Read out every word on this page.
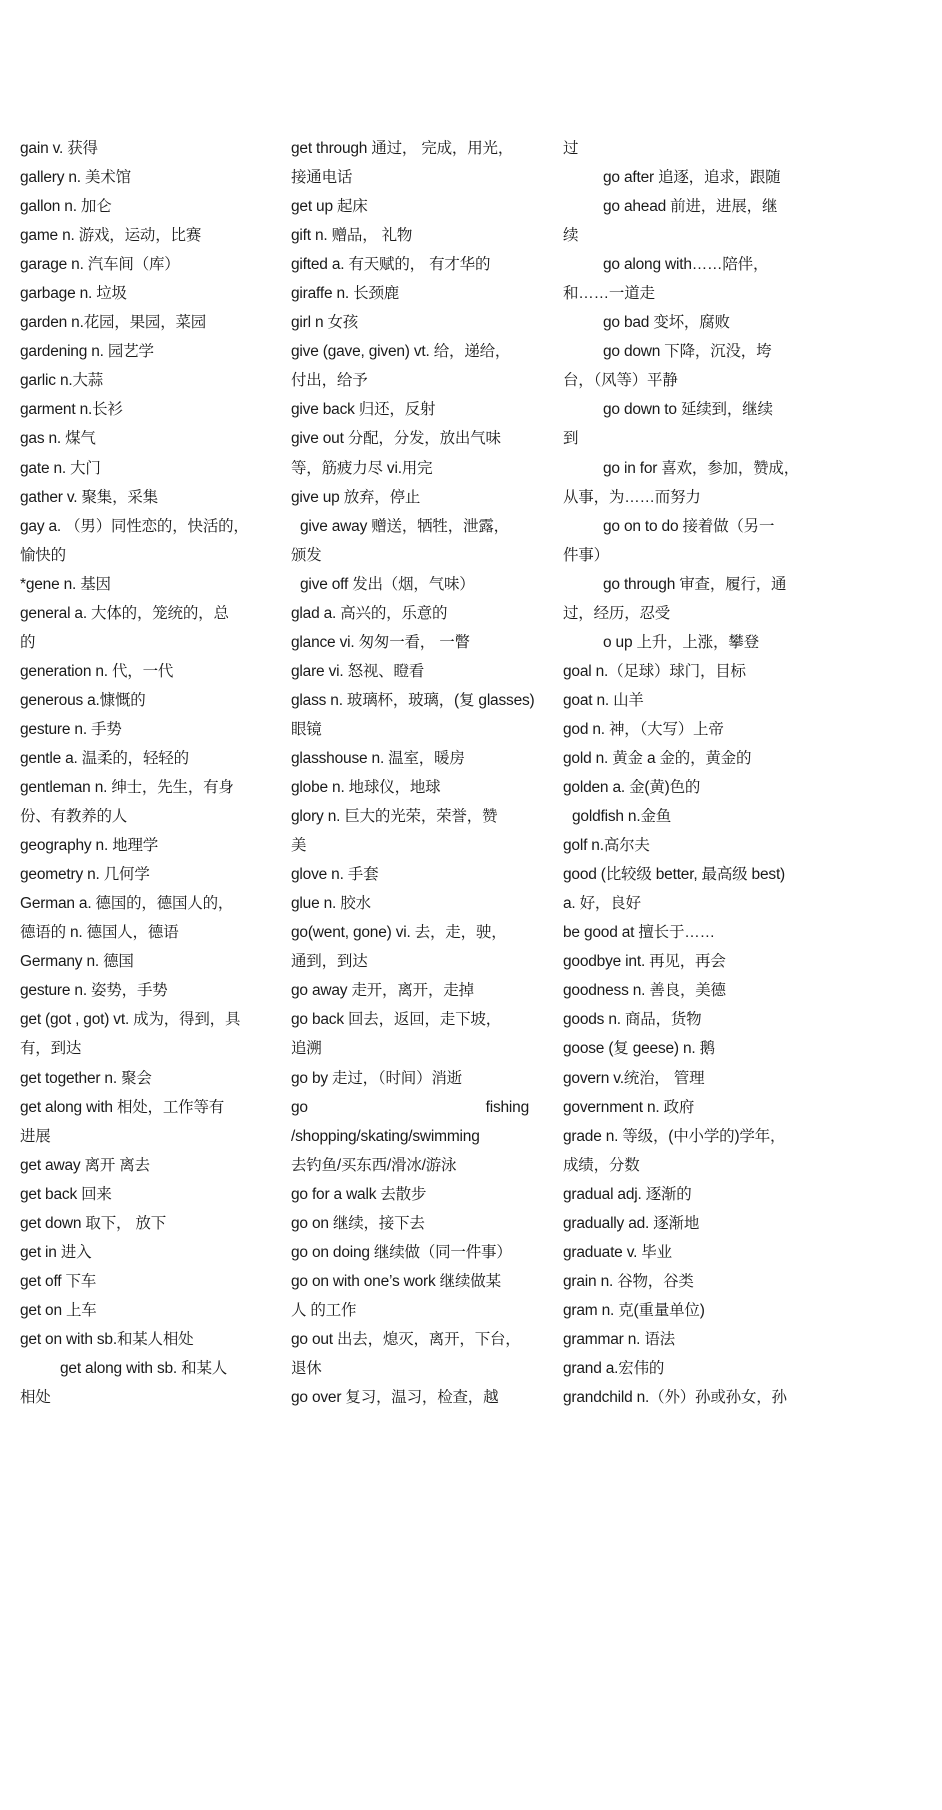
gain v. 获得
gallery n. 美术馆
gallon n. 加仑
game n. 游戏，运动，比赛
garage n. 汽车间（库）
garbage n. 垃圾
garden n.花园，果园，菜园
gardening n. 园艺学
garlic n.大蒜
garment n.长衫
gas n. 煤气
gate n. 大门
gather v. 聚集，采集
gay a. （男）同性恋的，快活的，
愉快的
*gene n. 基因
general a. 大体的，笼统的，总
的
generation n. 代，一代
generous a.慷慨的
gesture n. 手势
gentle a. 温柔的，轻轻的
gentleman n. 绅士，先生，有身
份、有教养的人
geography n. 地理学
geometry n. 几何学
German a. 德国的，德国人的，
德语的 n. 德国人，德语
Germany n. 德国
gesture n. 姿势，手势
get (got , got) vt. 成为，得到，具
有，到达
get together n. 聚会
get along with 相处，工作等有
进展
get away 离开 离去
get back 回来
get down 取下， 放下
get in 进入
get off 下车
get on 上车
get on with sb.和某人相处
get along with sb. 和某人
相处
get through 通过， 完成，用光，
接通电话
get up 起床
gift n. 赠品， 礼物
gifted a. 有天赋的， 有才华的
giraffe n. 长颈鹿
girl n 女孩
give (gave, given) vt. 给，递给，
付出，给予
give back 归还，反射
give out 分配，分发，放出气味
等，筋疲力尽 vi.用完
give up 放弃，停止
give away 赠送，牺牲，泄露，
颁发
give off 发出（烟，气味）
glad a. 高兴的，乐意的
glance vi. 匆匆一看， 一瞥
glare vi. 怒视、瞪看
glass n. 玻璃杯，玻璃，(复 glasses)
眼镜
glasshouse n. 温室，暖房
globe n. 地球仪，地球
glory n. 巨大的光荣，荣誉，赞
美
glove n. 手套
glue n. 胶水
go(went, gone) vi. 去，走，驶，
通到，到达
go away 走开，离开，走掉
go back 回去，返回，走下坡，
追溯
go by 走过，（时间）消逝
go	fishing
/shopping/skating/swimming
去钓鱼/买东西/滑冰/游泳
go for a walk 去散步
go on 继续，接下去
go on doing 继续做（同一件事）
go on with one’s work 继续做某
人 的工作
go out 出去，熄灭，离开，下台，
退休
go over 复习，温习，检查，越
过
go after 追逐，追求，跟随
go ahead 前进，进展，继
续
go along with……陪伴，
和……一道走
go bad 变坏，腐败
go down 下降，沉没，垮
台，（风等）平静
go down to 延续到，继续
到
go in for 喜欢，参加，赞成，
从事，为……而努力
go on to do 接着做（另一
件事）
go through 审查，履行，通
过，经历，忍受
o up 上升，上涨，攀登
goal n.（足球）球门，目标
goat n. 山羊
god n. 神，（大写）上帝
gold n. 黄金 a 金的，黄金的
golden a. 金(黄)色的
goldfish n.金鱼
golf n.高尔夫
good (比较级 better, 最高级 best)
a. 好，良好
be good at 擅长于……
goodbye int. 再见，再会
goodness n. 善良，美德
goods n. 商品，货物
goose (复 geese) n. 鹅
govern v.统治， 管理
government n. 政府
grade n. 等级，(中小学的)学年，
成绩，分数
gradual adj. 逐渐的
gradually ad. 逐渐地
graduate v. 毕业
grain n. 谷物，谷类
gram n. 克(重量单位)
grammar n. 语法
grand a.宏伟的
grandchild n.（外）孙或孙女，孙
